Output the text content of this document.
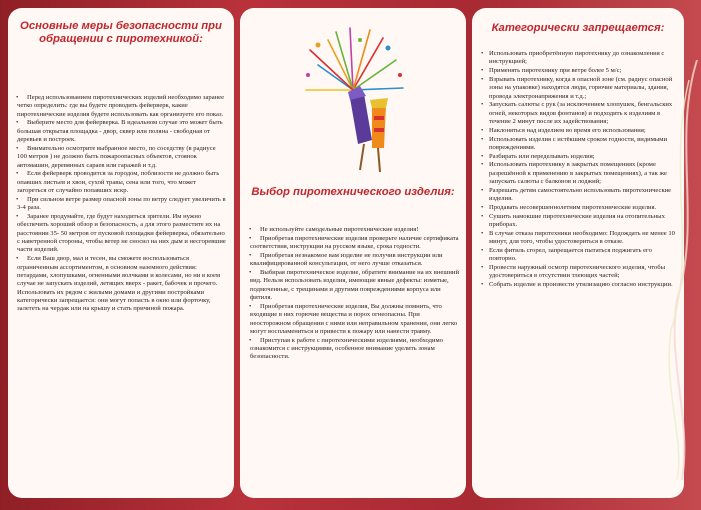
Основные меры безопасности при обращении с пиротехникой:
• Перед использованием пиротехнических изделий необходимо заранее четко определить: где вы будете проводить фейерверк, какие пиротехнические изделия будете использовать как организуете его показ.
• Выберите место для фейерверка. В идеальном случае это может быть большая открытая площадка - двор, сквер или поляна - свободная от деревьев и построек.
• Внимательно осмотрите выбранное место, по соседству (в радиусе 100 метров ) не должно быть пожароопасных объектов, стоянок автомашин, деревянных сараев или гаражей и т.д.
• Если фейерверк проводится за городом, поблизости не должно быть опавших листьев и хвои, сухой травы, сена или того, что может загореться от случайно попавших искр.
• При сильном ветре размер опасной зоны по ветру следует увеличить в 3-4 раза.
• Заранее продумайте, где будут находиться зрители. Им нужно обеспечить хороший обзор и безопасность, а для этого разместите их на расстоянии 35- 50 метров от пусковой площадки фейерверка, обязательно с наветренной стороны, чтобы ветер не сносил на них дым и несгоревшие части изделий.
• Если Ваш двор, мал и тесен, вы сможете воспользоваться ограниченным ассортиментом, в основном наземного действия: петардами, хлопушками, огненными волчками и колесами, но ни в коем случае не запускать изделий, летящих вверх - ракет, бабочек и прочего. Использовать их рядом с жилыми домами и другими постройками категорически запрещается: они могут попасть в окно или форточку, залететь на чердак или на крышу и стать причиной пожара.
Выбор пиротехнического изделия:
• Не используйте самодельные пиротехнические изделия!
• Приобретая пиротехнические изделия проверьте наличие сертификата соответствия, инструкции на русском языке, срока годности.
• Приобретая незнакомое вам изделие не получив инструкции или квалифицированной консультации, от него лучше отказаться.
• Выбирая пиротехническое изделие, обратите внимание на их внешний вид. Нельзя использовать изделия, имеющие явные дефекты: измятые, подмоченные, с трещинами и другими повреждениями корпуса или фитиля.
• Приобретая пиротехнические изделия, Вы должны помнить, что входящие в них горючие вещества и порох огнеопасны. При неосторожном обращении с ними или неправильном хранении, они легко могут воспламениться и привести к пожару или нанести травму.
• Приступая к работе с пиротехническими изделиями, необходимо ознакомится с инструкциями, особенное внимание уделить зонам безопасности.
Категорически запрещается:
• Использовать приобретённую пиротехнику до ознакомления с инструкцией;
• Применять пиротехнику при ветре более 5 м/с;
• Взрывать пиротехнику, когда в опасной зоне (см. радиус опасной зоны на упаковке) находятся люди, горючие материалы, здания, провода электронапряжения и т.д.;
• Запускать салюты с рук (за исключением хлопушек, бенгальских огней, некоторых видов фонтанов) и подходить к изделиям в течение 2 минут после их задействования;
• Наклоняться над изделием во время его использования;
• Использовать изделия с истёкшим сроком годности, видимыми повреждениями.
• Разбирать или переделывать изделия;
• Использовать пиротехнику в закрытых помещениях (кроме разрешённой к применению в закрытых помещениях), а так же запускать салюты с балконов и лоджий;
• Разрешать детям самостоятельно использовать пиротехнические изделия.
• Продавать несовершеннолетним пиротехнические изделия.
• Сушить намокшие пиротехнические изделия на отопительных приборах.
• В случае отказа пиротехники необходимо: Подождать не менее 10 минут, для того, чтобы удостовериться в отказе.
• Если фитиль сгорел, запрещается пытаться поджигать его повторно.
• Провести наружный осмотр пиротехнического изделия, чтобы удостовериться в отсутствии тлеющих частей;
• Собрать изделие и произвести утилизацию согласно инструкции.
